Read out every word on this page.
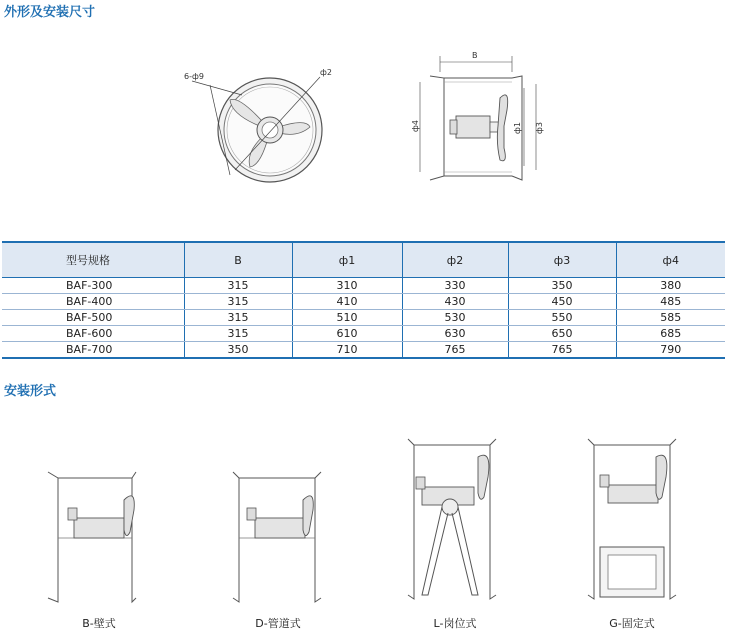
外形及安装尺寸
6-ф9	ф2
B
ф4	ф1 ф3
型号规格	B	ф1	ф2	ф3	ф4
BAF-300	315	310	330	350	380
BAF-400	315	410	430	450	485
BAF-500	315	510	530	550	585
BAF-600	315	610	630	650	685
BAF-700	350	710	765	765	790
安装形式
B-壁式	D-管道式	L-岗位式	G-固定式
